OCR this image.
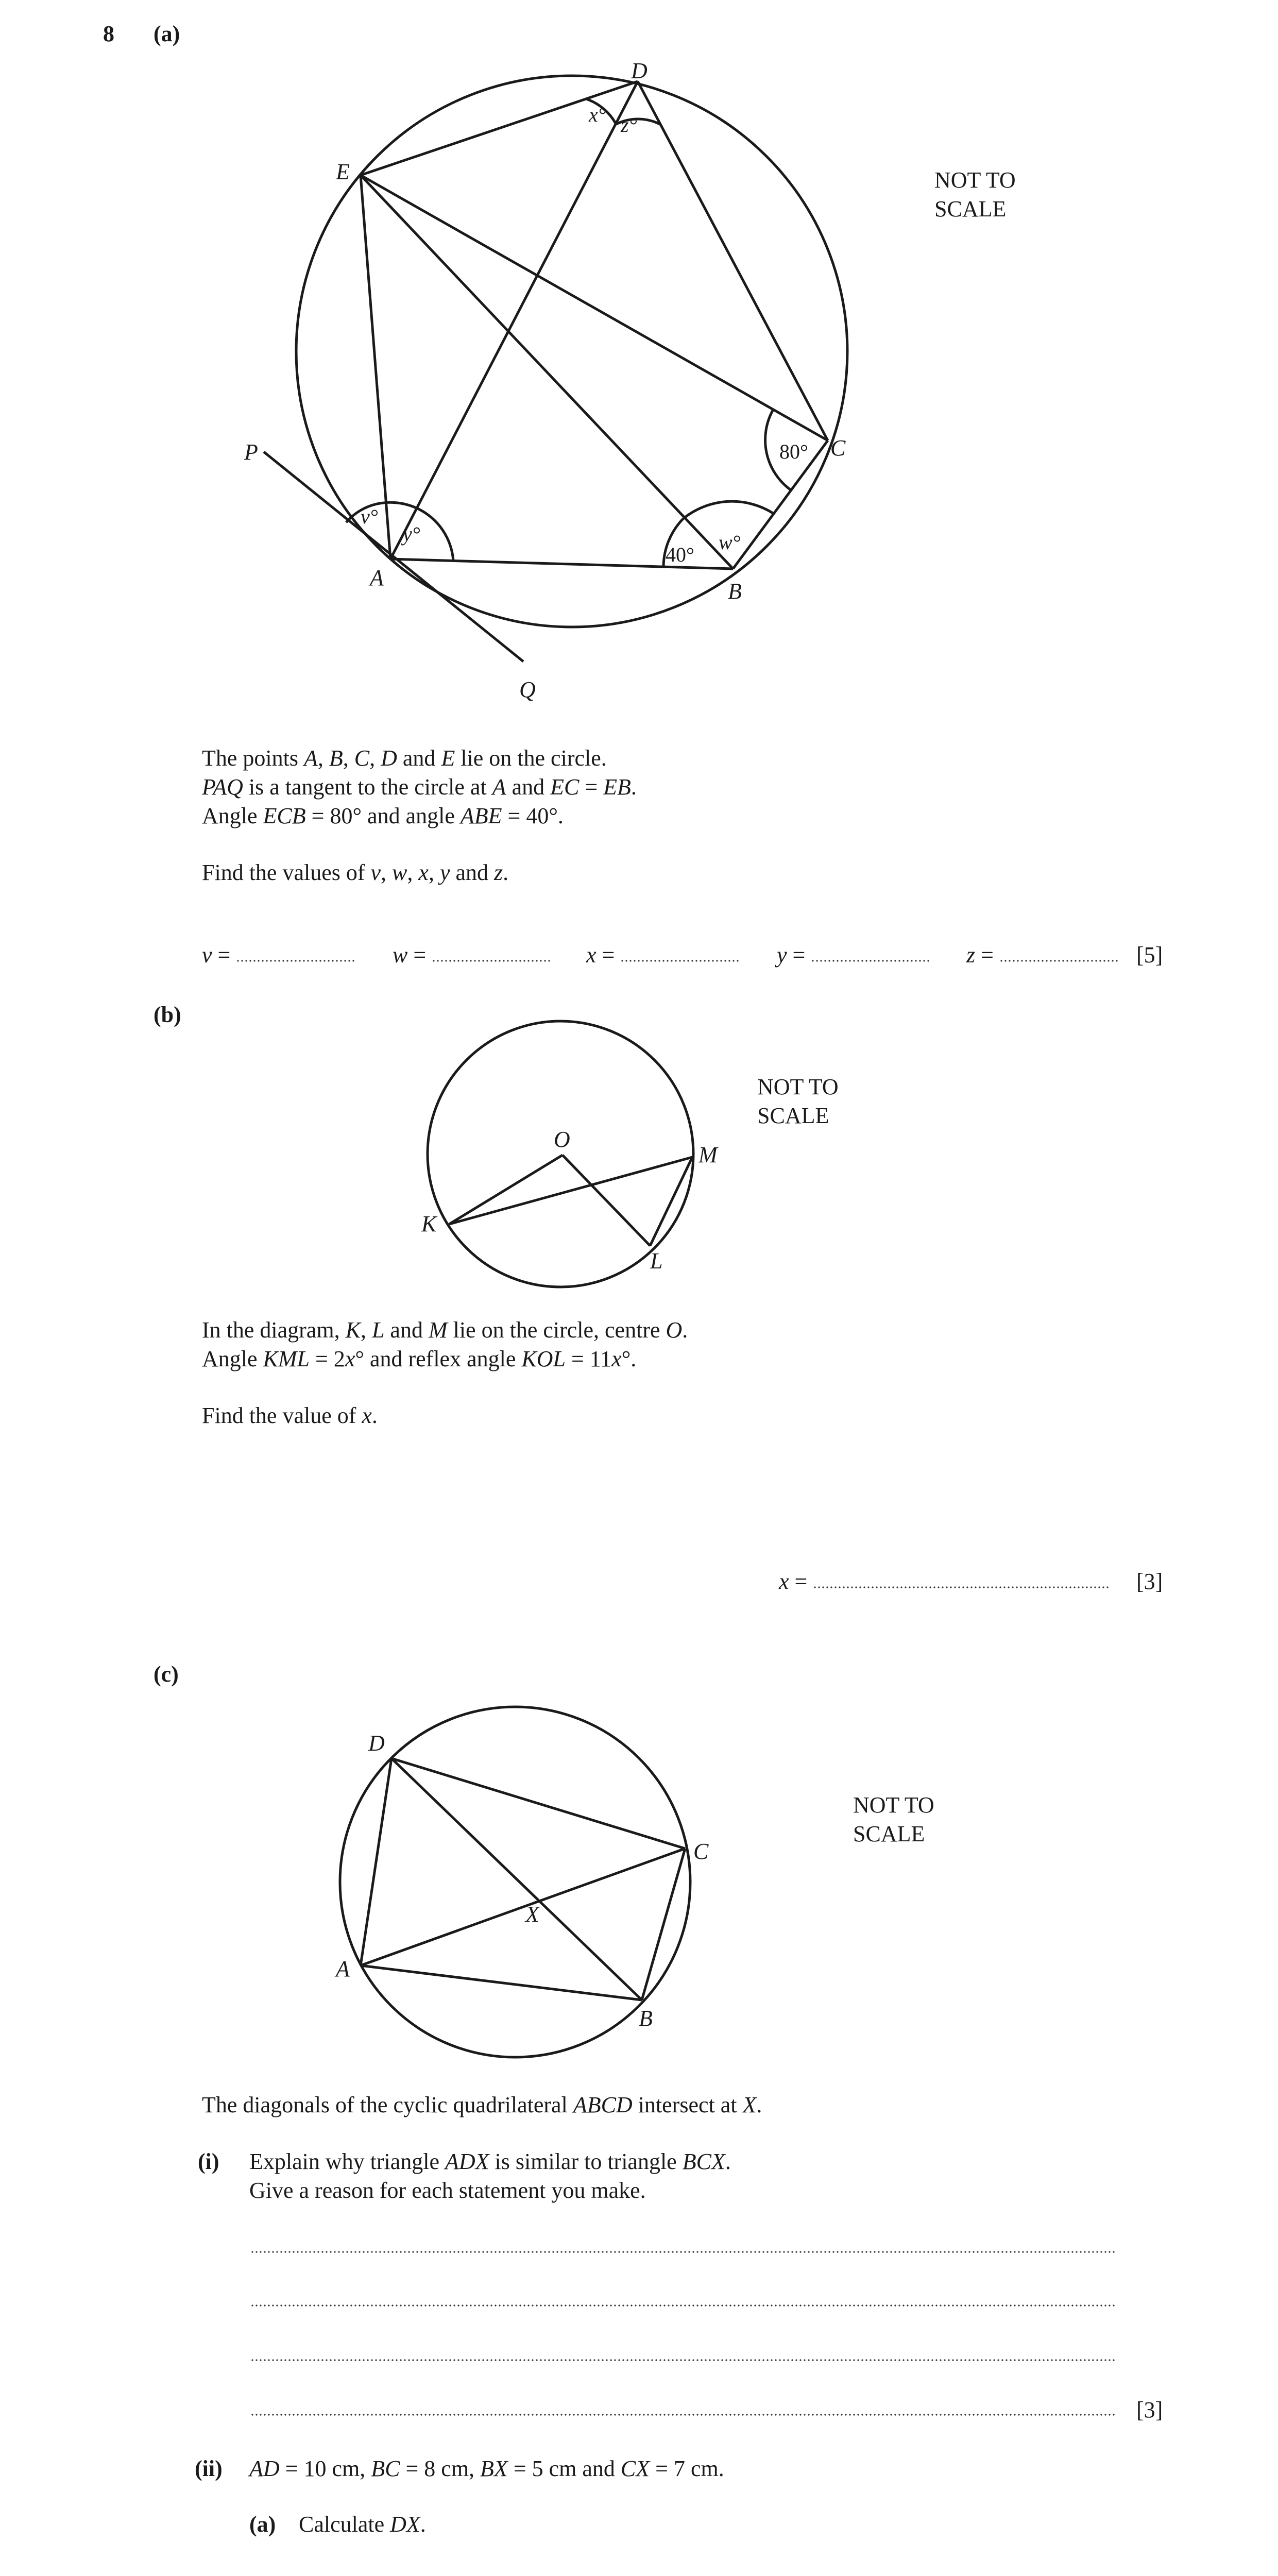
8 (a)
D
E
C
B
A
P
Q
x° z°
80°
40°
w°
v°
y°
NOT TO
SCALE
The points A, B, C, D and E lie on the circle.
PAQ is a tangent to the circle at A and EC = EB.
Angle ECB = 80° and angle ABE = 40°.
Find the values of v, w, x, y and z.
v =	w =	x =	y =	z =	[5]
(b)
O
M
K
L
NOT TO
SCALE
In the diagram, K, L and M lie on the circle, centre O.
Angle KML = 2x° and reflex angle KOL = 11x°.
Find the value of x.
x =	[3]
(c)
D
C
X
A
B
NOT TO
SCALE
The diagonals of the cyclic quadrilateral ABCD intersect at X.
(i) Explain why triangle ADX is similar to triangle BCX.
Give a reason for each statement you make.
[3]
(ii) AD = 10 cm, BC = 8 cm, BX = 5 cm and CX = 7 cm.
(a) Calculate DX.
